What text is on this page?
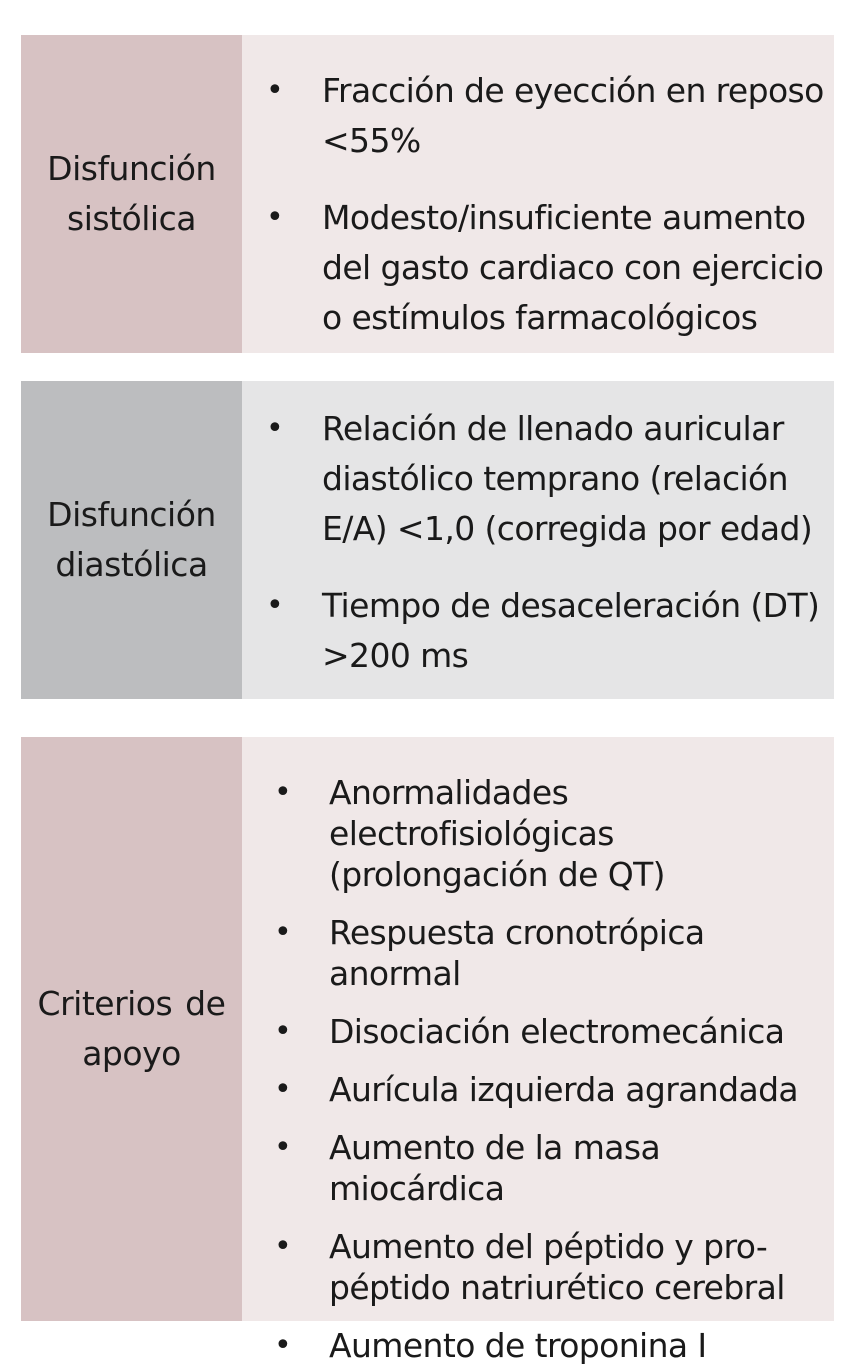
Disfunción sistólica
• Fracción de eyección en reposo <55%
• Modesto/insuficiente aumento del gasto cardiaco con ejercicio o estímulos farmacológicos
Disfunción diastólica
• Relación de llenado auricular diastólico temprano (relación E/A) <1,0 (corregida por edad)
• Tiempo de desaceleración (DT) >200 ms
Criterios de apoyo
• Anormalidades electrofisiológicas (prolongación de QT)
• Respuesta cronotrópica anormal
• Disociación electromecánica
• Aurícula izquierda agrandada
• Aumento de la masa miocárdica
• Aumento del péptido y pro-péptido natriurético cerebral
• Aumento de troponina I
